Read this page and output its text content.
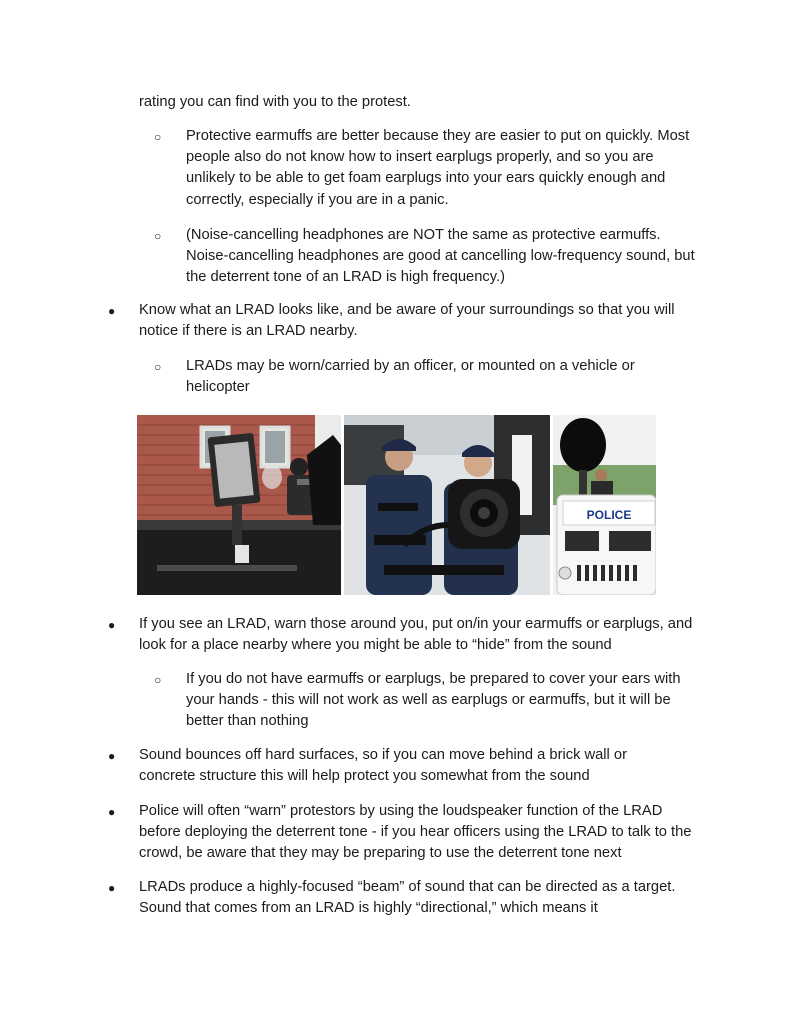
rating you can find with you to the protest.

○ Protective earmuffs are better because they are easier to put on quickly. Most people also do not know how to insert earplugs properly, and so you are unlikely to be able to get foam earplugs into your ears quickly enough and correctly, especially if you are in a panic.

○ (Noise-cancelling headphones are NOT the same as protective earmuffs. Noise-cancelling headphones are good at cancelling low-frequency sound, but the deterrent tone of an LRAD is high frequency.)

● Know what an LRAD looks like, and be aware of your surroundings so that you will notice if there is an LRAD nearby.

○ LRADs may be worn/carried by an officer, or mounted on a vehicle or helicopter

POLICE
● If you see an LRAD, warn those around you, put on/in your earmuffs or earplugs, and look for a place nearby where you might be able to “hide” from the sound

○ If you do not have earmuffs or earplugs, be prepared to cover your ears with your hands - this will not work as well as earplugs or earmuffs, but it will be better than nothing

● Sound bounces off hard surfaces, so if you can move behind a brick wall or concrete structure this will help protect you somewhat from the sound

● Police will often “warn” protestors by using the loudspeaker function of the LRAD before deploying the deterrent tone - if you hear officers using the LRAD to talk to the crowd, be aware that they may be preparing to use the deterrent tone next

● LRADs produce a highly-focused “beam” of sound that can be directed as a target. Sound that comes from an LRAD is highly “directional,” which means it
